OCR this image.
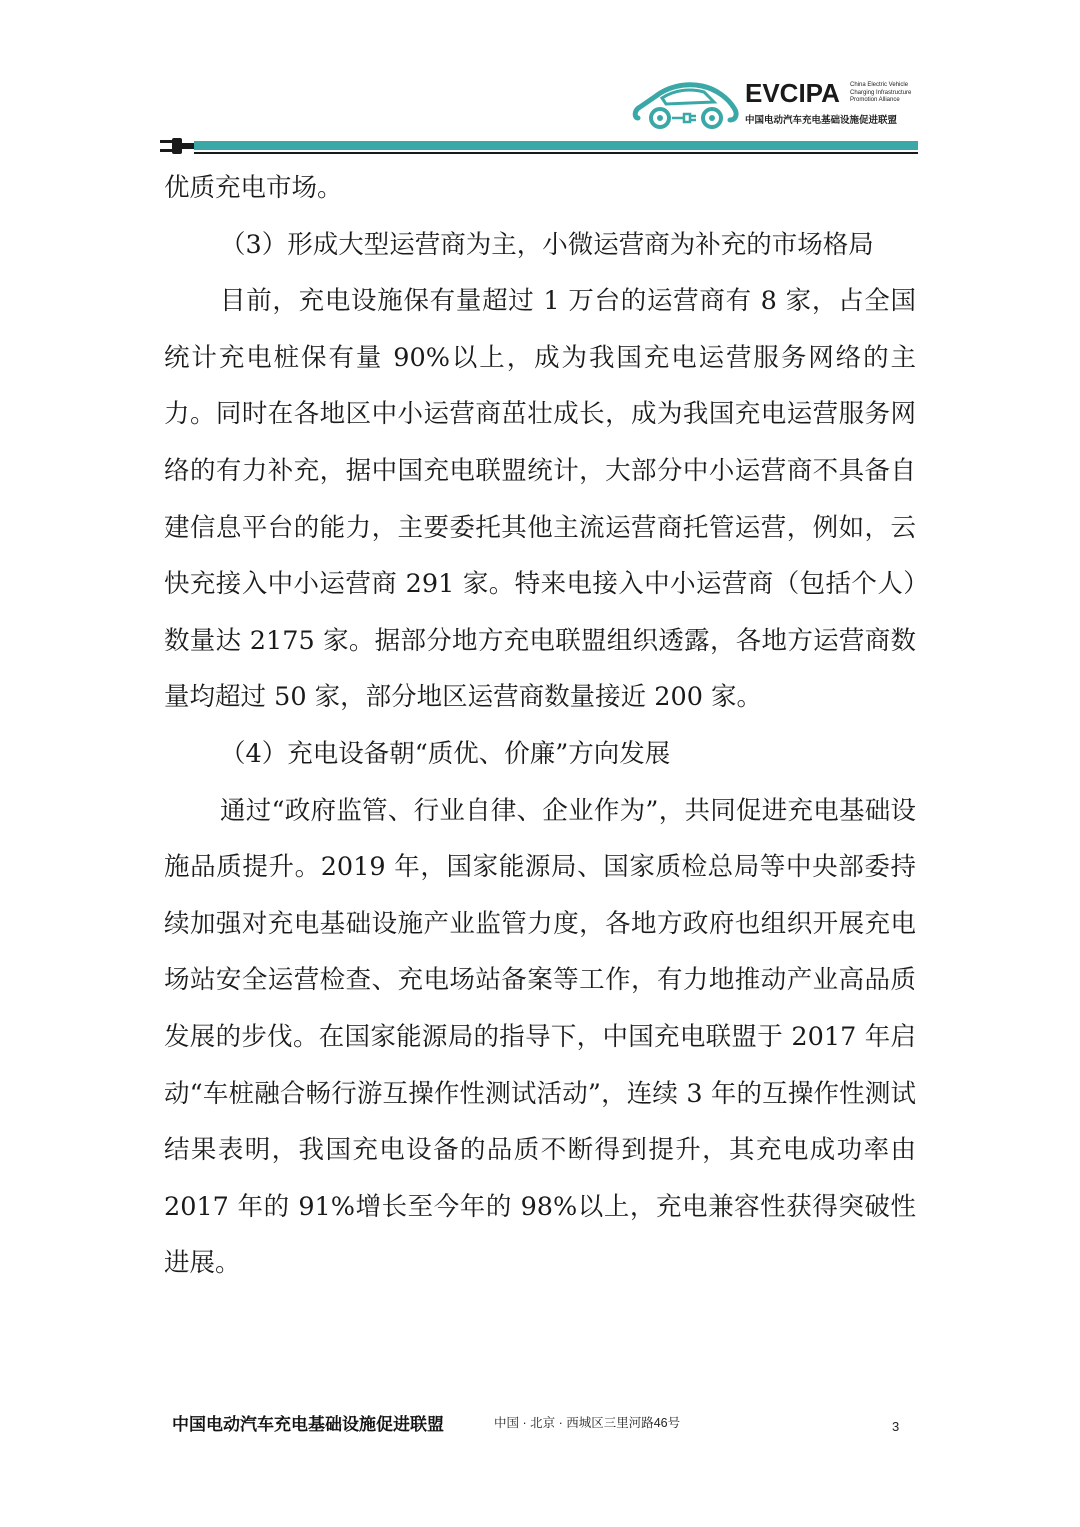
EVCIPA China Electric Vehicle
Charging Infrastructure
Promotion Alliance
中国电动汽车充电基础设施促进联盟

优质充电市场。

（3）形成大型运营商为主，小微运营商为补充的市场格局

目前，充电设施保有量超过 1 万台的运营商有 8 家，占全国统计充电桩保有量 90%以上，成为我国充电运营服务网络的主力。同时在各地区中小运营商茁壮成长，成为我国充电运营服务网络的有力补充，据中国充电联盟统计，大部分中小运营商不具备自建信息平台的能力，主要委托其他主流运营商托管运营，例如，云快充接入中小运营商 291 家。特来电接入中小运营商（包括个人）数量达 2175 家。据部分地方充电联盟组织透露，各地方运营商数量均超过 50 家，部分地区运营商数量接近 200 家。

（4）充电设备朝“质优、价廉”方向发展

通过“政府监管、行业自律、企业作为”，共同促进充电基础设施品质提升。2019 年，国家能源局、国家质检总局等中央部委持续加强对充电基础设施产业监管力度，各地方政府也组织开展充电场站安全运营检查、充电场站备案等工作，有力地推动产业高品质发展的步伐。在国家能源局的指导下，中国充电联盟于 2017 年启动“车桩融合畅行游互操作性测试活动”，连续 3 年的互操作性测试结果表明，我国充电设备的品质不断得到提升，其充电成功率由 2017 年的 91%增长至今年的 98%以上，充电兼容性获得突破性进展。

中国电动汽车充电基础设施促进联盟	中国 · 北京 · 西城区三里河路46号	3
